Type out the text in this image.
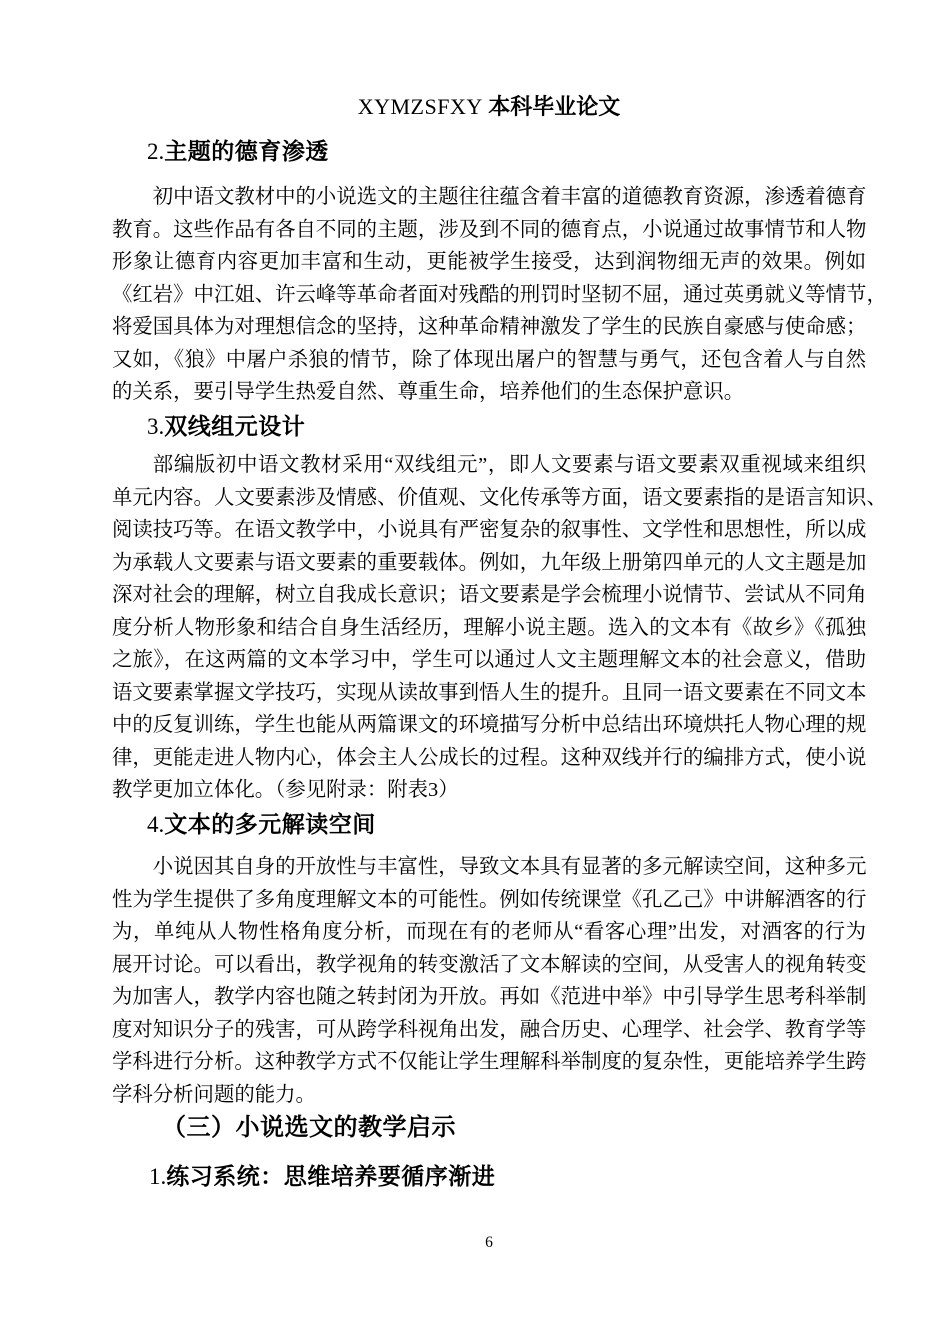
XYMZSFXY 本科毕业论文
2.主题的德育渗透
初中语文教材中的小说选文的主题往往蕴含着丰富的道德教育资源，渗透着德育
教育。这些作品有各自不同的主题，涉及到不同的德育点，小说通过故事情节和人物
形象让德育内容更加丰富和生动，更能被学生接受，达到润物细无声的效果。例如
《红岩》中江姐、许云峰等革命者面对残酷的刑罚时坚韧不屈，通过英勇就义等情节，
将爱国具体为对理想信念的坚持，这种革命精神激发了学生的民族自豪感与使命感；
又如，《狼》中屠户杀狼的情节，除了体现出屠户的智慧与勇气，还包含着人与自然
的关系，要引导学生热爱自然、尊重生命，培养他们的生态保护意识。
3.双线组元设计
部编版初中语文教材采用“双线组元”，即人文要素与语文要素双重视域来组织
单元内容。人文要素涉及情感、价值观、文化传承等方面，语文要素指的是语言知识、
阅读技巧等。在语文教学中，小说具有严密复杂的叙事性、文学性和思想性，所以成
为承载人文要素与语文要素的重要载体。例如，九年级上册第四单元的人文主题是加
深对社会的理解，树立自我成长意识；语文要素是学会梳理小说情节、尝试从不同角
度分析人物形象和结合自身生活经历，理解小说主题。选入的文本有《故乡》《孤独
之旅》，在这两篇的文本学习中，学生可以通过人文主题理解文本的社会意义，借助
语文要素掌握文学技巧，实现从读故事到悟人生的提升。且同一语文要素在不同文本
中的反复训练，学生也能从两篇课文的环境描写分析中总结出环境烘托人物心理的规
律，更能走进人物内心，体会主人公成长的过程。这种双线并行的编排方式，使小说
教学更加立体化。（参见附录：附表3）
4.文本的多元解读空间
小说因其自身的开放性与丰富性，导致文本具有显著的多元解读空间，这种多元
性为学生提供了多角度理解文本的可能性。例如传统课堂《孔乙己》中讲解酒客的行
为，单纯从人物性格角度分析，而现在有的老师从“看客心理”出发，对酒客的行为
展开讨论。可以看出，教学视角的转变激活了文本解读的空间，从受害人的视角转变
为加害人，教学内容也随之转封闭为开放。再如《范进中举》中引导学生思考科举制
度对知识分子的残害，可从跨学科视角出发，融合历史、心理学、社会学、教育学等
学科进行分析。这种教学方式不仅能让学生理解科举制度的复杂性，更能培养学生跨
学科分析问题的能力。
（三）小说选文的教学启示
1.练习系统：思维培养要循序渐进
6
